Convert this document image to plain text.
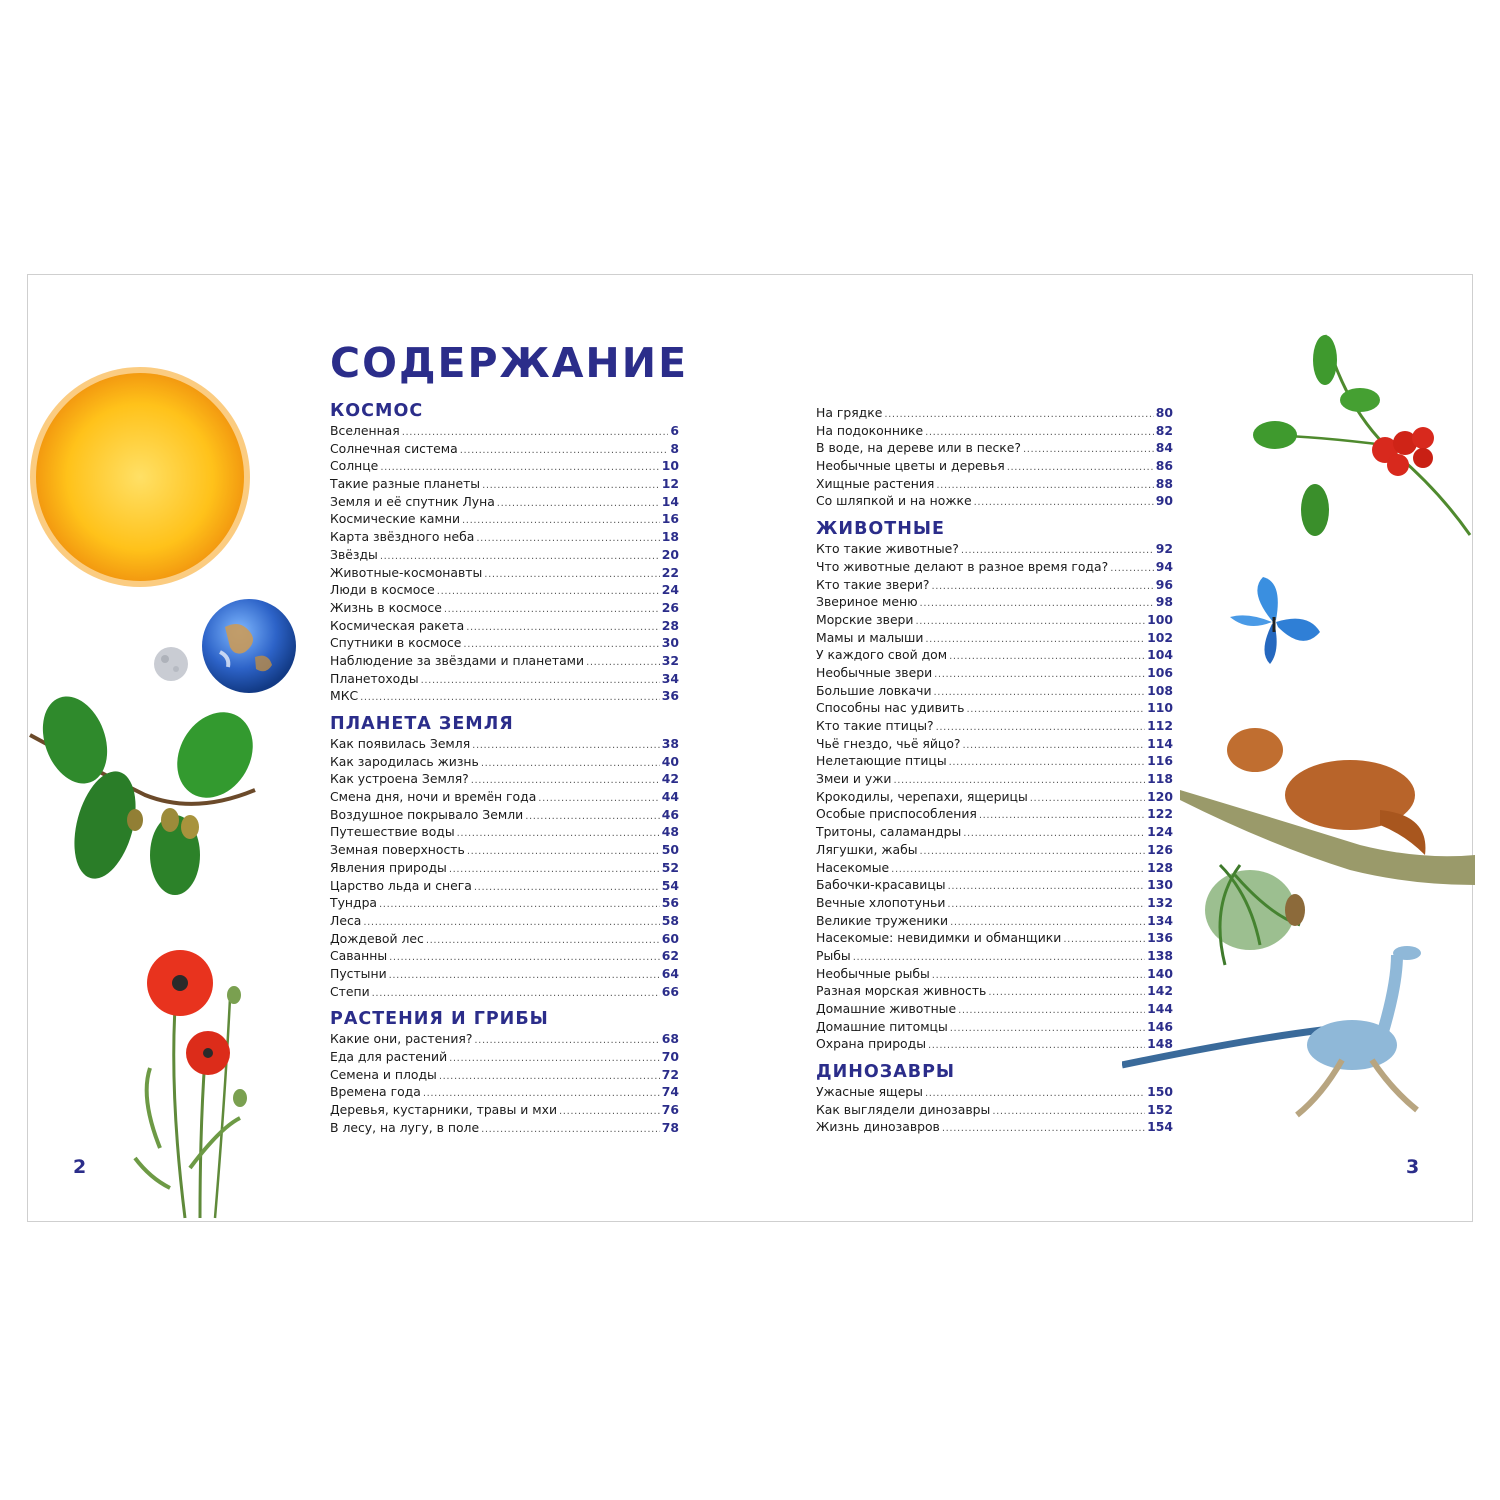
СОДЕРЖАНИЕ
КОСМОС
Вселенная .....	6
Солнечная система .....	8
Солнце .....	10
Такие разные планеты .....	12
Земля и её спутник Луна .....	14
Космические камни .....	16
Карта звёздного неба .....	18
Звёзды .....	20
Животные-космонавты .....	22
Люди в космосе .....	24
Жизнь в космосе .....	26
Космическая ракета .....	28
Спутники в космосе .....	30
Наблюдение за звёздами и планетами .....	32
Планетоходы .....	34
МКС .....	36
ПЛАНЕТА ЗЕМЛЯ
Как появилась Земля .....	38
Как зародилась жизнь .....	40
Как устроена Земля? .....	42
Смена дня, ночи и времён года .....	44
Воздушное покрывало Земли .....	46
Путешествие воды .....	48
Земная поверхность .....	50
Явления природы .....	52
Царство льда и снега .....	54
Тундра .....	56
Леса .....	58
Дождевой лес .....	60
Саванны .....	62
Пустыни .....	64
Степи .....	66
РАСТЕНИЯ И ГРИБЫ
Какие они, растения? .....	68
Еда для растений .....	70
Семена и плоды .....	72
Времена года .....	74
Деревья, кустарники, травы и мхи .....	76
В лесу, на лугу, в поле .....	78
На грядке .....	80
На подоконнике .....	82
В воде, на дереве или в песке? .....	84
Необычные цветы и деревья .....	86
Хищные растения .....	88
Со шляпкой и на ножке .....	90
ЖИВОТНЫЕ
Кто такие животные? .....	92
Что животные делают в разное время года? .....	94
Кто такие звери? .....	96
Звериное меню .....	98
Морские звери .....	100
Мамы и малыши .....	102
У каждого свой дом .....	104
Необычные звери .....	106
Большие ловкачи .....	108
Способны нас удивить .....	110
Кто такие птицы? .....	112
Чьё гнездо, чьё яйцо? .....	114
Нелетающие птицы .....	116
Змеи и ужи .....	118
Крокодилы, черепахи, ящерицы .....	120
Особые приспособления .....	122
Тритоны, саламандры .....	124
Лягушки, жабы .....	126
Насекомые .....	128
Бабочки-красавицы .....	130
Вечные хлопотуньи .....	132
Великие труженики .....	134
Насекомые: невидимки и обманщики .....	136
Рыбы .....	138
Необычные рыбы .....	140
Разная морская живность .....	142
Домашние животные .....	144
Домашние питомцы .....	146
Охрана природы .....	148
ДИНОЗАВРЫ
Ужасные ящеры .....	150
Как выглядели динозавры .....	152
Жизнь динозавров .....	154
2	3
